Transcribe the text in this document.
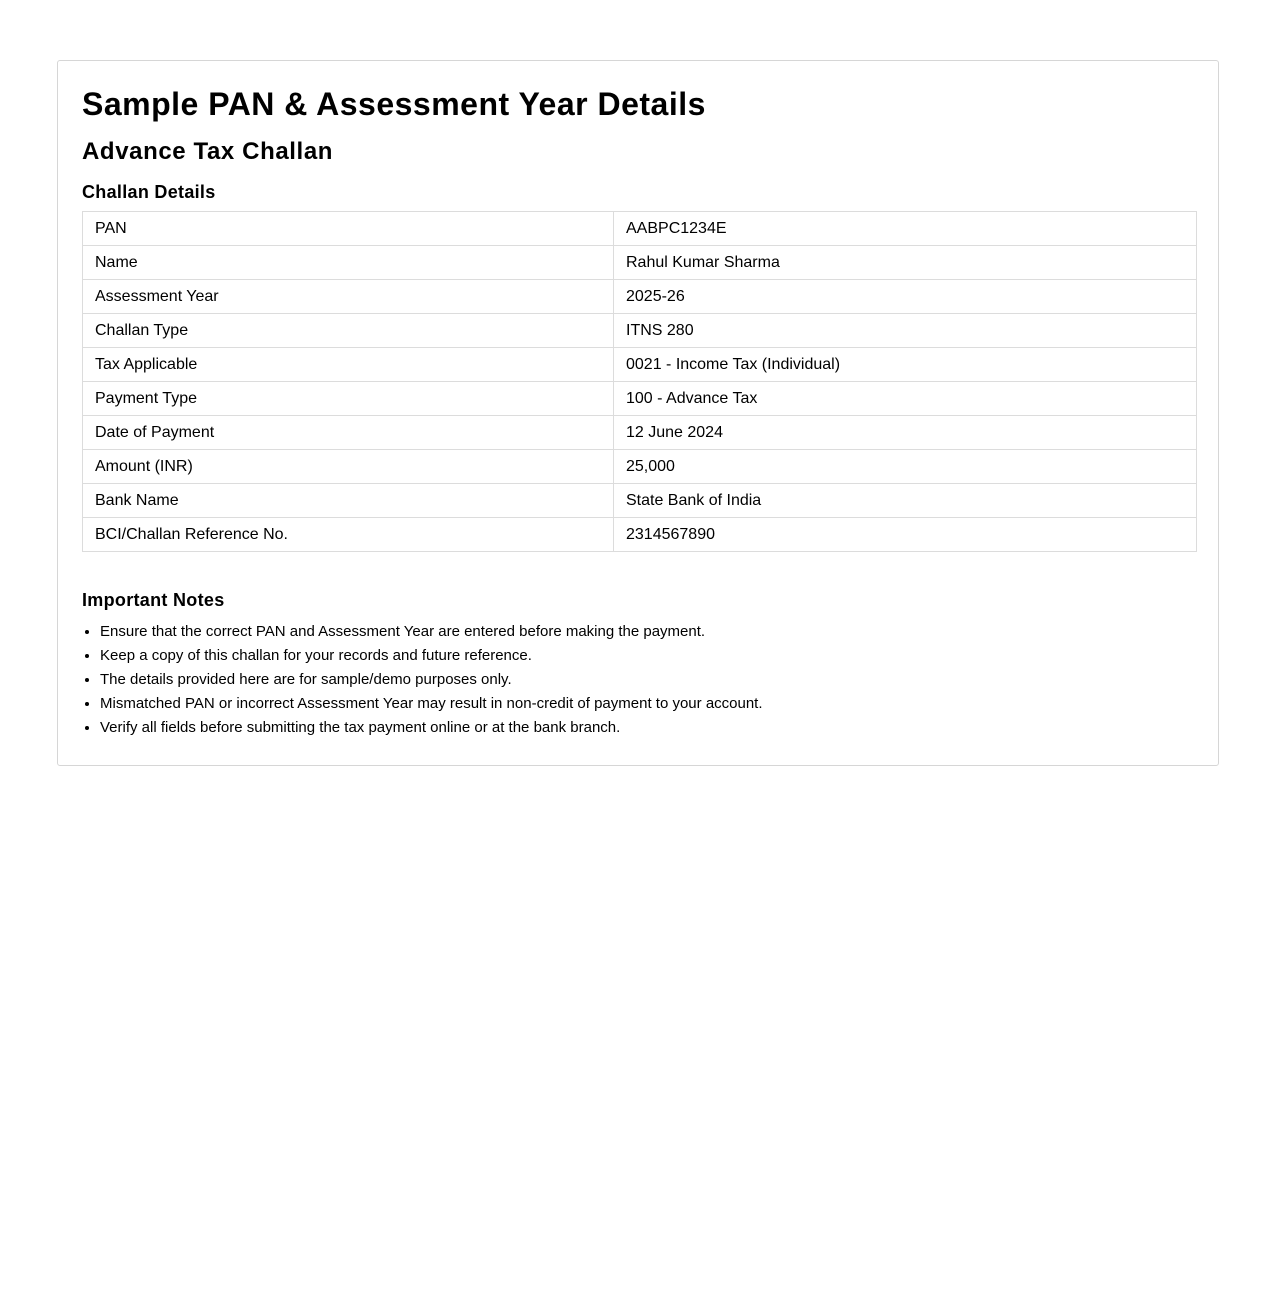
Sample PAN & Assessment Year Details
Advance Tax Challan
Challan Details
PAN	AABPC1234E
Name	Rahul Kumar Sharma
Assessment Year	2025-26
Challan Type	ITNS 280
Tax Applicable	0021 - Income Tax (Individual)
Payment Type	100 - Advance Tax
Date of Payment	12 June 2024
Amount (INR)	25,000
Bank Name	State Bank of India
BCI/Challan Reference No.	2314567890
Important Notes
• Ensure that the correct PAN and Assessment Year are entered before making the payment.
• Keep a copy of this challan for your records and future reference.
• The details provided here are for sample/demo purposes only.
• Mismatched PAN or incorrect Assessment Year may result in non-credit of payment to your account.
• Verify all fields before submitting the tax payment online or at the bank branch.
